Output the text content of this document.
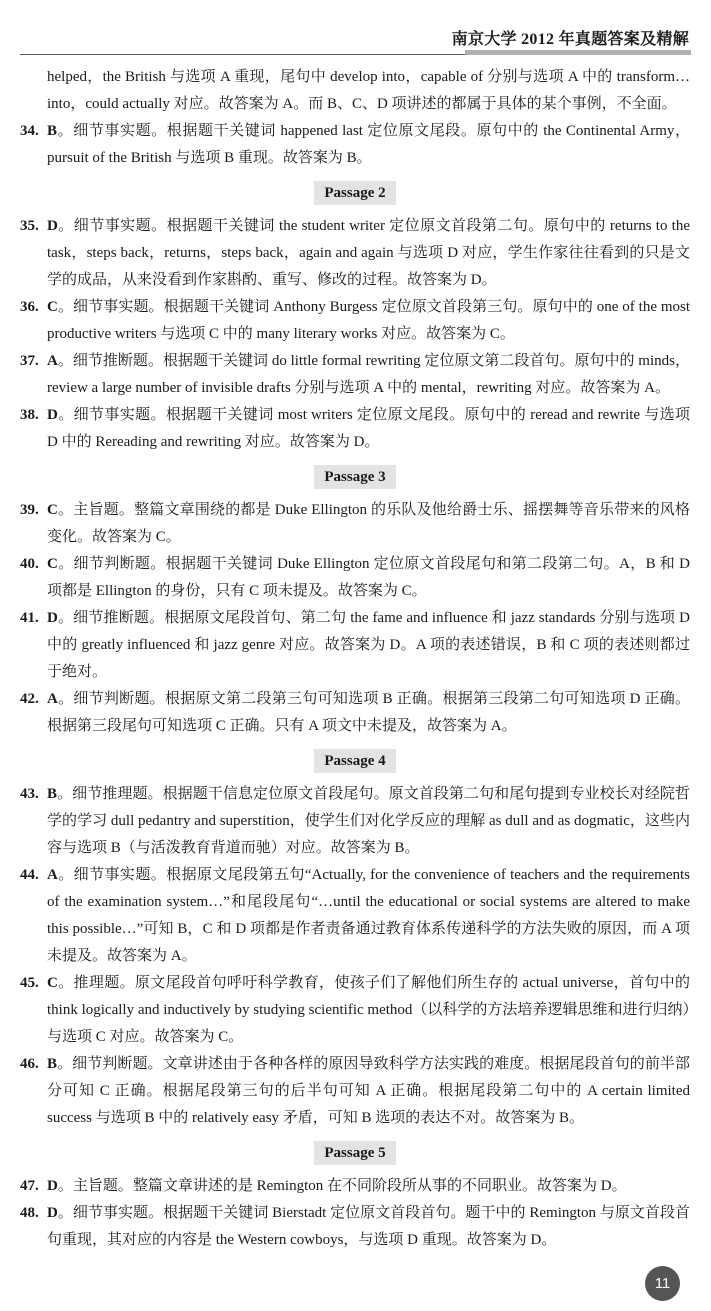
南京大学 2012 年真题答案及精解
helped，the British 与选项 A 重现，尾句中 develop into，capable of 分别与选项 A 中的 transform… into，could actually 对应。故答案为 A。而 B、C、D 项讲述的都属于具体的某个事例，不全面。
34. B。细节事实题。根据题干关键词 happened last 定位原文尾段。原句中的 the Continental Army，pursuit of the British 与选项 B 重现。故答案为 B。
Passage 2
35. D。细节事实题。根据题干关键词 the student writer 定位原文首段第二句。原句中的 returns to the task，steps back，returns，steps back，again and again 与选项 D 对应，学生作家往往看到的只是文学的成品，从来没看到作家斟酌、重写、修改的过程。故答案为 D。
36. C。细节事实题。根据题干关键词 Anthony Burgess 定位原文首段第三句。原句中的 one of the most productive writers 与选项 C 中的 many literary works 对应。故答案为 C。
37. A。细节推断题。根据题干关键词 do little formal rewriting 定位原文第二段首句。原句中的 minds，review a large number of invisible drafts 分别与选项 A 中的 mental，rewriting 对应。故答案为 A。
38. D。细节事实题。根据题干关键词 most writers 定位原文尾段。原句中的 reread and rewrite 与选项 D 中的 Rereading and rewriting 对应。故答案为 D。
Passage 3
39. C。主旨题。整篇文章围绕的都是 Duke Ellington 的乐队及他给爵士乐、摇摆舞等音乐带来的风格变化。故答案为 C。
40. C。细节判断题。根据题干关键词 Duke Ellington 定位原文首段尾句和第二段第二句。A，B 和 D 项都是 Ellington 的身份，只有 C 项未提及。故答案为 C。
41. D。细节推断题。根据原文尾段首句、第二句 the fame and influence 和 jazz standards 分别与选项 D 中的 greatly influenced 和 jazz genre 对应。故答案为 D。A 项的表述错误，B 和 C 项的表述则都过于绝对。
42. A。细节判断题。根据原文第二段第三句可知选项 B 正确。根据第三段第二句可知选项 D 正确。根据第三段尾句可知选项 C 正确。只有 A 项文中未提及，故答案为 A。
Passage 4
43. B。细节推理题。根据题干信息定位原文首段尾句。原文首段第二句和尾句提到专业校长对经院哲学的学习 dull pedantry and superstition，使学生们对化学反应的理解 as dull and as dogmatic，这些内容与选项 B（与活泼教育背道而驰）对应。故答案为 B。
44. A。细节事实题。根据原文尾段第五句“Actually, for the convenience of teachers and the requirements of the examination system…”和尾段尾句“…until the educational or social systems are altered to make this possible…”可知 B，C 和 D 项都是作者责备通过教育体系传递科学的方法失败的原因，而 A 项未提及。故答案为 A。
45. C。推理题。原文尾段首句呼吁科学教育，使孩子们了解他们所生存的 actual universe，首句中的 think logically and inductively by studying scientific method（以科学的方法培养逻辑思维和进行归纳）与选项 C 对应。故答案为 C。
46. B。细节判断题。文章讲述由于各种各样的原因导致科学方法实践的难度。根据尾段首句的前半部分可知 C 正确。根据尾段第三句的后半句可知 A 正确。根据尾段第二句中的 A certain limited success 与选项 B 中的 relatively easy 矛盾，可知 B 选项的表达不对。故答案为 B。
Passage 5
47. D。主旨题。整篇文章讲述的是 Remington 在不同阶段所从事的不同职业。故答案为 D。
48. D。细节事实题。根据题干关键词 Bierstadt 定位原文首段首句。题干中的 Remington 与原文首段首句重现，其对应的内容是 the Western cowboys，与选项 D 重现。故答案为 D。
11
